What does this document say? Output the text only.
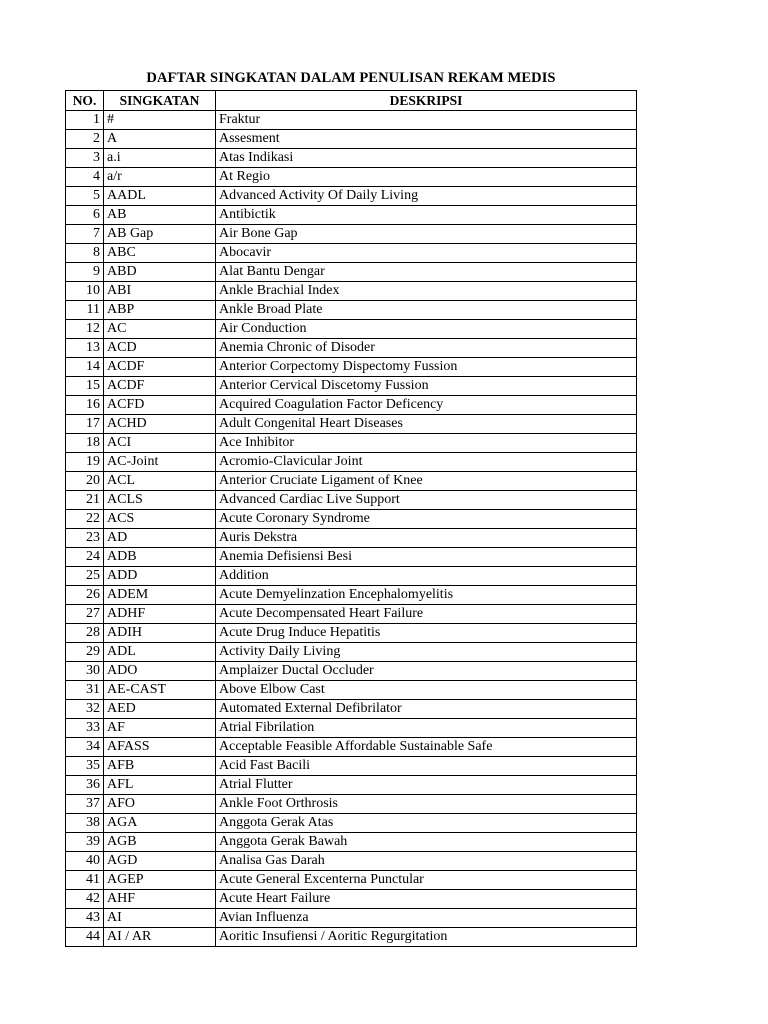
DAFTAR SINGKATAN DALAM PENULISAN REKAM MEDIS
NO.	SINGKATAN	DESKRIPSI
1	#	Fraktur
2	A	Assesment
3	a.i	Atas Indikasi
4	a/r	At Regio
5	AADL	Advanced Activity Of Daily Living
6	AB	Antibictik
7	AB Gap	Air Bone Gap
8	ABC	Abocavir
9	ABD	Alat Bantu Dengar
10	ABI	Ankle Brachial Index
11	ABP	Ankle Broad Plate
12	AC	Air Conduction
13	ACD	Anemia Chronic of Disoder
14	ACDF	Anterior Corpectomy Dispectomy Fussion
15	ACDF	Anterior Cervical Discetomy Fussion
16	ACFD	Acquired Coagulation Factor Deficency
17	ACHD	Adult Congenital Heart Diseases
18	ACI	Ace Inhibitor
19	AC-Joint	Acromio-Clavicular Joint
20	ACL	Anterior Cruciate Ligament of Knee
21	ACLS	Advanced Cardiac Live Support
22	ACS	Acute Coronary Syndrome
23	AD	Auris Dekstra
24	ADB	Anemia Defisiensi Besi
25	ADD	Addition
26	ADEM	Acute Demyelinzation Encephalomyelitis
27	ADHF	Acute Decompensated Heart Failure
28	ADIH	Acute Drug Induce Hepatitis
29	ADL	Activity Daily Living
30	ADO	Amplaizer Ductal Occluder
31	AE-CAST	Above Elbow Cast
32	AED	Automated External Defibrilator
33	AF	Atrial Fibrilation
34	AFASS	Acceptable Feasible Affordable Sustainable Safe
35	AFB	Acid Fast Bacili
36	AFL	Atrial Flutter
37	AFO	Ankle Foot Orthrosis
38	AGA	Anggota Gerak Atas
39	AGB	Anggota Gerak Bawah
40	AGD	Analisa Gas Darah
41	AGEP	Acute General Excenterna Punctular
42	AHF	Acute Heart Failure
43	AI	Avian Influenza
44	AI / AR	Aoritic Insufiensi / Aoritic Regurgitation
